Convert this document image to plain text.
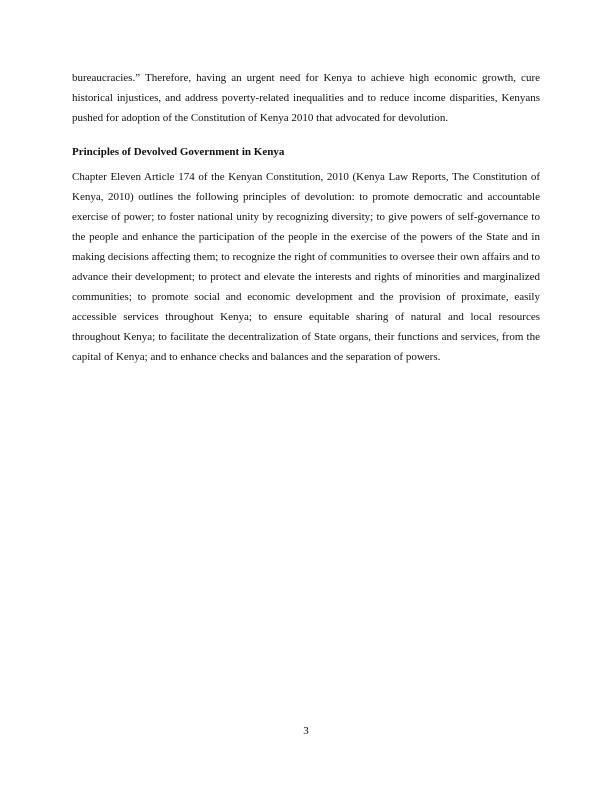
bureaucracies.” Therefore, having an urgent need for Kenya to achieve high economic growth, cure historical injustices, and address poverty-related inequalities and to reduce income disparities, Kenyans pushed for adoption of the Constitution of Kenya 2010 that advocated for devolution.

Principles of Devolved Government in Kenya

Chapter Eleven Article 174 of the Kenyan Constitution, 2010 (Kenya Law Reports, The Constitution of Kenya, 2010) outlines the following principles of devolution: to promote democratic and accountable exercise of power; to foster national unity by recognizing diversity; to give powers of self-governance to the people and enhance the participation of the people in the exercise of the powers of the State and in making decisions affecting them; to recognize the right of communities to oversee their own affairs and to advance their development; to protect and elevate the interests and rights of minorities and marginalized communities; to promote social and economic development and the provision of proximate, easily accessible services throughout Kenya; to ensure equitable sharing of natural and local resources throughout Kenya; to facilitate the decentralization of State organs, their functions and services, from the capital of Kenya; and to enhance checks and balances and the separation of powers.

3
